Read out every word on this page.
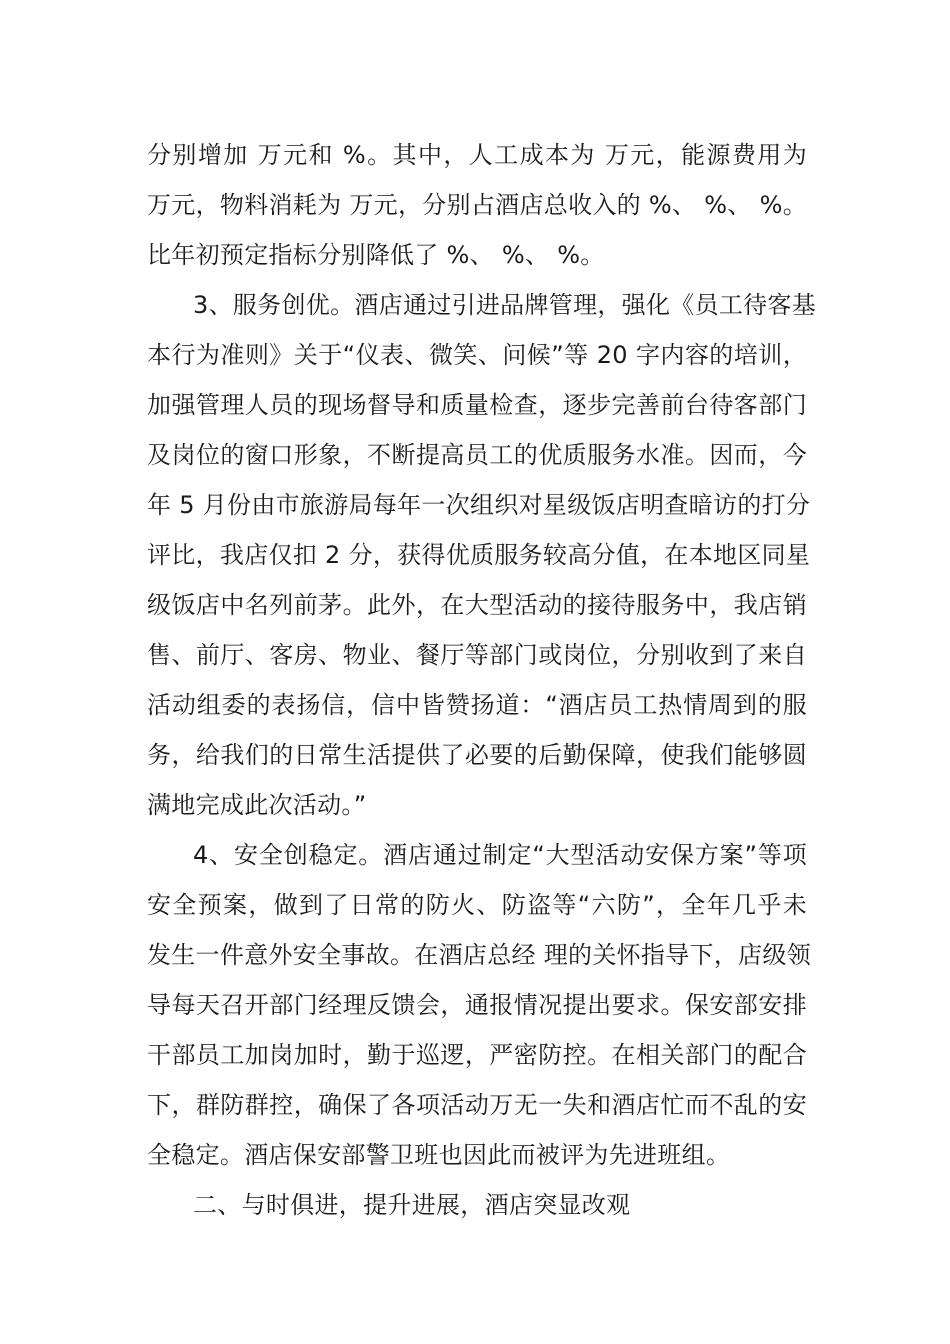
分别增加 万元和 %。其中，人工成本为 万元，能源费用为
万元，物料消耗为 万元，分别占酒店总收入的 %、 %、 %。
比年初预定指标分别降低了 %、 %、 %。
3、服务创优。酒店通过引进品牌管理，强化《员工待客基
本行为准则》关于“仪表、微笑、问候”等 20 字内容的培训，
加强管理人员的现场督导和质量检查，逐步完善前台待客部门
及岗位的窗口形象，不断提高员工的优质服务水准。因而，今
年 5 月份由市旅游局每年一次组织对星级饭店明查暗访的打分
评比，我店仅扣 2 分，获得优质服务较高分值，在本地区同星
级饭店中名列前茅。此外，在大型活动的接待服务中，我店销
售、前厅、客房、物业、餐厅等部门或岗位，分别收到了来自
活动组委的表扬信，信中皆赞扬道：“酒店员工热情周到的服
务，给我们的日常生活提供了必要的后勤保障，使我们能够圆
满地完成此次活动。”
4、安全创稳定。酒店通过制定“大型活动安保方案”等项
安全预案，做到了日常的防火、防盗等“六防”，全年几乎未
发生一件意外安全事故。在酒店总经 理的关怀指导下，店级领
导每天召开部门经理反馈会，通报情况提出要求。保安部安排
干部员工加岗加时，勤于巡逻，严密防控。在相关部门的配合
下，群防群控，确保了各项活动万无一失和酒店忙而不乱的安
全稳定。酒店保安部警卫班也因此而被评为先进班组。
二、与时俱进，提升进展，酒店突显改观
